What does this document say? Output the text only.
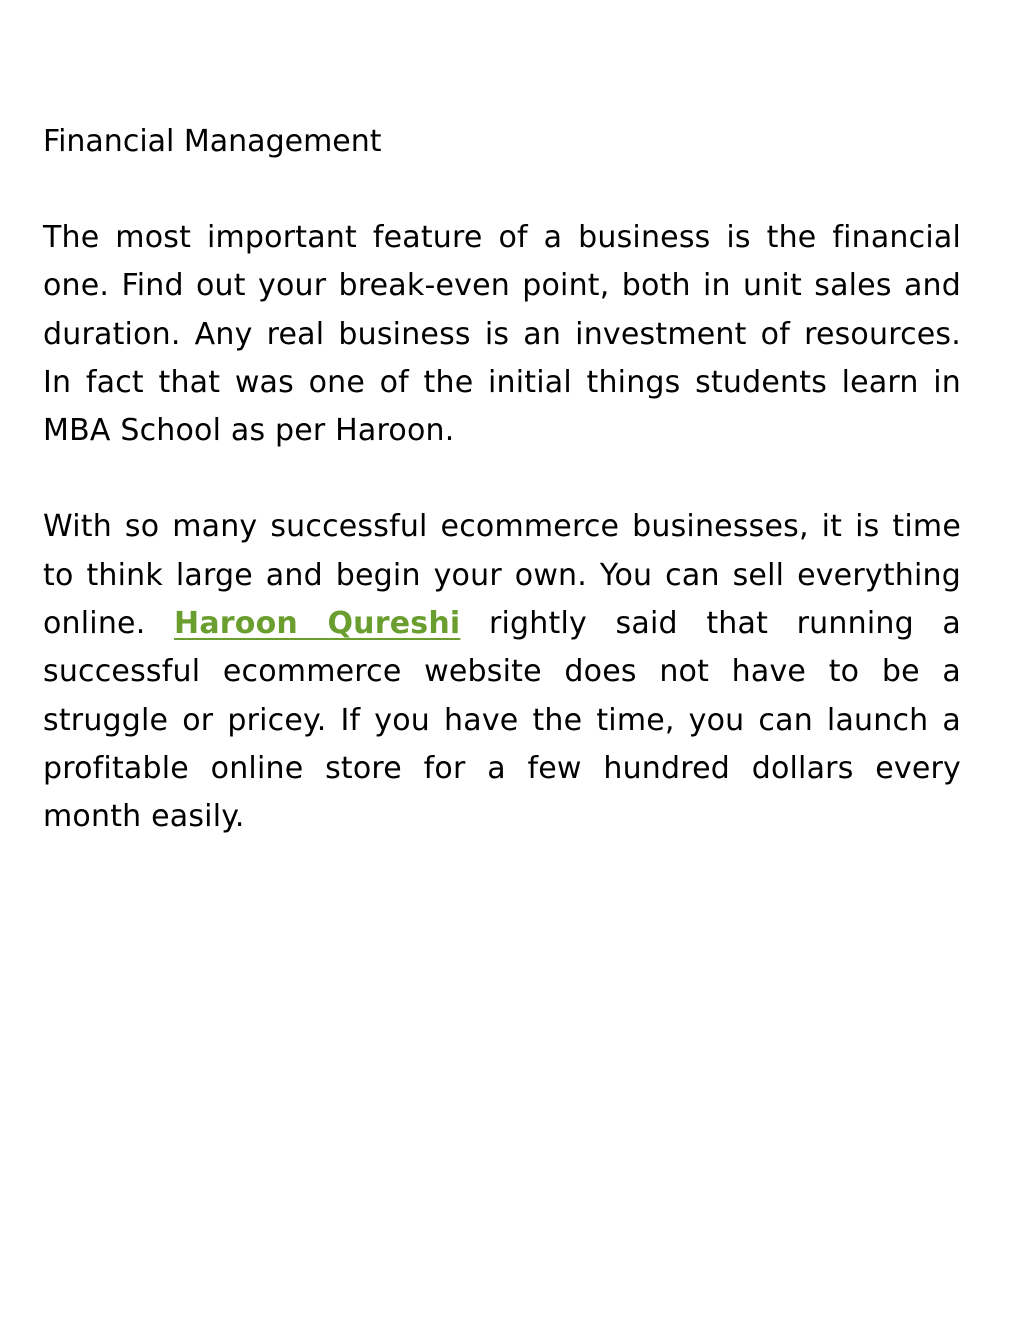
Financial Management

The most important feature of a business is the financial one. Find out your break-even point, both in unit sales and duration. Any real business is an investment of resources. In fact that was one of the initial things students learn in MBA School as per Haroon.

With so many successful ecommerce businesses, it is time to think large and begin your own. You can sell everything online. Haroon Qureshi rightly said that running a successful ecommerce website does not have to be a struggle or pricey. If you have the time, you can launch a profitable online store for a few hundred dollars every month easily.
